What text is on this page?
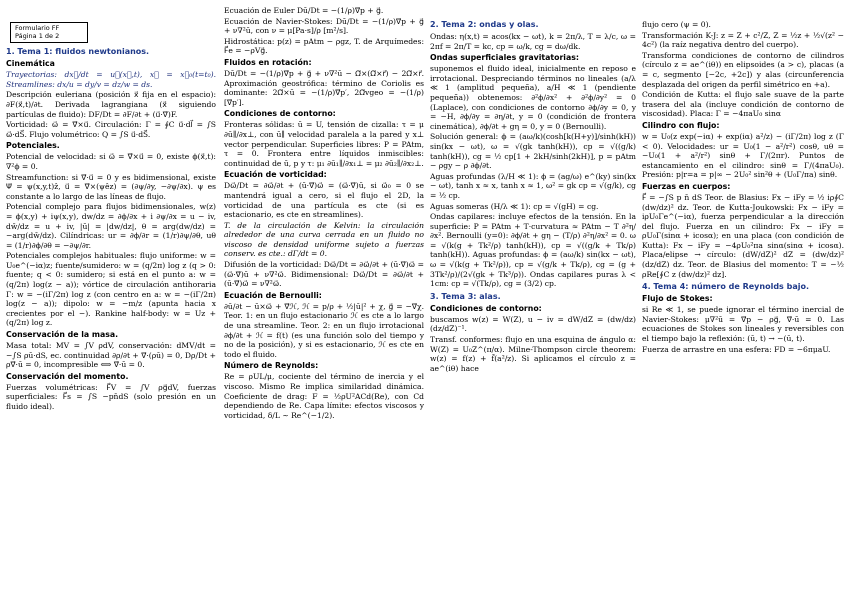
Formulario FF
Página 1 de 2
1. Tema 1: fluidos newtonianos.
Cinemática

Trayectorias: dx⃗/dt = u⃗(x⃗,t), x⃗ = x⃗₀(t=t₀). Streamlines: dx/u = dy/v = dz/w = ds.

Descripción euleriana (posición x⃗ fija en el espacio): ∂F(x⃗,t)/∂t. Derivada lagrangiana (x⃗ siguiendo partículas de fluido): DF/Dt = ∂F/∂t + (u⃗·∇⃗)F.

Vorticidad: ω⃗ = ∇⃗×u⃗. Circulación: Γ = ∮C u⃗·dl⃗ = ∫S ω⃗·dS⃗. Flujo volumétrico: Q = ∫S u⃗·dS⃗.

Potenciales.

Potencial de velocidad: si ω⃗ = ∇⃗×u⃗ = 0, existe ϕ(x⃗,t): ∇²ϕ = 0.

Streamfunction: si ∇⃗·u⃗ = 0 y es bidimensional, existe Ψ⃗ = ψ(x,y,t)ẑ, u⃗ = ∇⃗×(ψêz) = (∂ψ/∂y, −∂ψ/∂x). ψ es constante a lo largo de las líneas de flujo.

Potencial complejo para flujos bidimensionales, w(z) = ϕ(x,y) + iψ(x,y), dw/dz = ∂ϕ/∂x + i ∂ψ/∂x = u − iv, dw̄/dz = u + iv, |ū| = |dw/dz|, θ = arg(dw/dz) = −arg(dw̄/dz). Cilíndricas: ur = ∂ϕ/∂r = (1/r)∂ψ/∂θ, uθ = (1/r)∂ϕ/∂θ = −∂ψ/∂r.

Potenciales complejos habituales: flujo uniforme: w = U₀e^(−iα)z; fuente/sumidero: w = (q/2π) log z (q > 0: fuente; q < 0: sumidero; si está en el punto a: w = (q/2π) log(z − a)); vórtice de circulación antihoraria Γ: w = −(iΓ/2π) log z (con centro en a: w = −(iΓ/2π) log(z − a)); dipolo: w = −m/z (apunta hacia x crecientes por el −). Rankine half-body: w = Uz + (q/2π) log z.

Conservación de la masa.

Masa total: MV = ∫V ρdV, conservación: dMV/dt = −∫S ρū·dS, ec. continuidad ∂ρ/∂t + ∇⃗·(ρū) = 0, Dρ/Dt + ρ∇⃗·ū = 0, incompresible ⟺ ∇⃗·ū = 0.

Conservación del momento.

Fuerzas volumétricas: F⃗V = ∫V ρg⃗dV, fuerzas superficiales: F⃗s = ∫S −pn̄dS (solo presión en un fluido ideal).

Ecuación de Euler Dū/Dt = −(1/ρ)∇⃗p + g⃗.

Ecuación de Navier-Stokes: Dū/Dt = −(1/ρ)∇⃗p + g⃗ + ν∇²ū, con ν = μ[Pa·s]/ρ [m²/s].

Hidrostática: p(z) = pAtm − ρgz, T. de Arquímedes: F⃗e = −ρVg⃗.

Fluidos en rotación:

Dū/Dt = −(1/ρ)∇⃗p + g⃗ + ν∇²ū − Ω⃗×(Ω⃗×r⃗) − 2Ω⃗×r⃗. Aproximación geostrófica: término de Coriolis es dominante: 2Ω⃗×ū = −(1/ρ)∇⃗p′, 2Ω⃗vgeo = −(1/ρ)[∇⃗p′].

Condiciones de contorno:

Fronteras sólidas: ū = U, tensión de cizalla: τ = μ ∂ū∥/∂x⊥, con ū∥ velocidad paralela a la pared y x⊥ vector perpendicular. Superficies libres: P = PAtm, τ = 0. Frontera entre líquidos inmiscibles: continuidad de ū, p y τ: μ₁ ∂ū₁∥/∂x₁⊥ = μ₂ ∂ū₂∥/∂x₂⊥.

Ecuación de vorticidad:

Dω⃗/Dt = ∂ω⃗/∂t + (ū·∇⃗)ω⃗ = (ω⃗·∇⃗)ū, si ω⃗₀ = 0 se mantendrá igual a cero, si el flujo el 2D, la vorticidad de una partícula es cte (si es estacionario, es cte en streamlines).

T. de la circulación de Kelvin: la circulación alrededor de una curva cerrada en un fluido no viscoso de densidad uniforme sujeto a fuerzas conserv. es cte.: dΓ/dt = 0.

Difusión de la vorticidad: Dω⃗/Dt = ∂ω⃗/∂t + (ū·∇⃗)ω⃗ = (ω⃗·∇⃗)ū + ν∇²ω⃗. Bidimensional: Dω⃗/Dt = ∂ω⃗/∂t + (ū·∇⃗)ω⃗ = ν∇²ω⃗.

Ecuación de Bernoulli:

∂ū/∂t − ū×ω⃗ + ∇⃗ℋ, ℋ = p/ρ + ½|ū|² + χ, g⃗ = −∇⃗χ. Teor. 1: en un flujo estacionario ℋ es cte a lo largo de una streamline. Teor. 2: en un flujo irrotacional ∂ϕ/∂t + ℋ = f(t) (es una función solo del tiempo y no de la posición), y si es estacionario, ℋ es cte en todo el fluido.

Número de Reynolds:

Re = ρUL/μ, cociente del término de inercia y el viscoso. Mismo Re implica similaridad dinámica. Coeficiente de drag: F = ½ρU²ACd(Re), con Cd dependiendo de Re. Capa límite: efectos viscosos y vorticidad, δ/L ∼ Re^(−1/2).

2. Tema 2: ondas y olas.

Ondas: η(x,t) = acos(kx − ωt), k = 2π/λ, T = λ/c, ω = 2πf = 2π/T = kc, cp = ω/k, cg = dω/dk.

Ondas superficiales gravitatorias:

suponemos el fluido ideal, inicialmente en reposo e irrotacional. Despreciando términos no lineales (a/λ ≪ 1 (amplitud pequeña), a/H ≪ 1 (pendiente pequeña)) obtenemos: ∂²ϕ/∂x² + ∂²ϕ/∂y² = 0 (Laplace), con condiciones de contorno ∂ϕ/∂y = 0, y = −H, ∂ϕ/∂y = ∂η/∂t, y = 0 (condición de frontera cinemática), ∂ϕ/∂t + gη = 0, y = 0 (Bernoulli).

Solución general: ϕ = (aω/k)(cosh[k(H+y)]/sinh(kH)) sin(kx − ωt), ω = √(gk tanh(kH)), cp = √((g/k) tanh(kH)), cg = ½ cp[1 + 2kH/sinh(2kH)], p = pAtm − ρgy − ρ ∂ϕ/∂t.

Aguas profundas (λ/H ≪ 1): ϕ = (ag/ω) e^(ky) sin(kx − ωt), tanh x ≈ x, tanh x ≈ 1, ω² = gk cp = √(g/k), cg = ½ cp.

Aguas someras (H/λ ≪ 1): cp = √(gH) = cg.

Ondas capilares: incluye efectos de la tensión. En la superficie: P = PAtm + T·curvatura ≈ PAtm − T ∂²η/∂x². Bernoulli (y=0): ∂ϕ/∂t + gη − (T/ρ) ∂²η/∂x² = 0. ω = √(k(g + Tk²/ρ) tanh(kH)), cp = √((g/k + Tk/ρ) tanh(kH)). Aguas profundas: ϕ = (aω/k) sin(kx − ωt), ω = √(k(g + Tk²/ρ)), cp = √(g/k + Tk/ρ), cg = (g + 3Tk²/ρ)/(2√(gk + Tk³/ρ)). Ondas capilares puras λ < 1cm: cp = √(Tk/ρ), cg = (3/2) cp.

3. Tema 3: alas.
Condiciones de contorno:

buscamos w(z) = W(Z), u − iv = dW/dZ = (dw/dz)(dz/dZ)⁻¹.

Transf. conformes: flujo en una esquina de ángulo α: W(Z) = U₀Z^(π/α). Milne-Thompson circle theorem: w(z) = f(z) + f̄(a²/z). Si aplicamos el círculo z = ae^(iθ) hace

flujo cero (ψ = 0).

Transformación K-J: z = Z + c²/Z, Z = ½z + ½√(z² − 4c²) (la raíz negativa dentro del cuerpo).

Transforma condiciones de contorno de cilindros (círculo z = ae^(iθ)) en elipsoides (a > c), placas (a = c, segmento [−2c, +2c]) y alas (circunferencia desplazada del origen da perfil simétrico en +a).

Condición de Kutta: el flujo sale suave de la parte trasera del ala (incluye condición de contorno de viscosidad). Placa: Γ = −4πaU₀ sinα

Cilindro con flujo:

w = U₀(z exp(−iα) + exp(iα) a²/z) − (iΓ/2π) log z (Γ < 0). Velocidades: ur = U₀(1 − a²/r²) cosθ, uθ = −U₀(1 + a²/r²) sinθ + Γ/(2πr). Puntos de estancamiento en el cilindro: sinθ = Γ/(4πaU₀). Presión: p|r=a = p|∞ − 2U₀² sin²θ + (U₀Γ/πa) sinθ.

Fuerzas en cuerpos:

F⃗ = −∫S p n̄ dS Teor. de Blasius: Fx − iFy = ½ iρ∮C (dw/dz)² dz. Teor. de Kutta-Joukowski: Fx − iFy = iρU₀Γe^(−iα), fuerza perpendicular a la dirección del flujo. Fuerza en un cilindro: Fx − iFy = ρU₀Γ(sinα + icosα); en una placa (con condición de Kutta): Fx − iFy = −4ρU₀²πa sinα(sinα + icosα). Placa/elipse → círculo: (dW/dZ)² dZ = (dw/dz)² (dz/dZ) dz. Teor. de Blasius del momento: T = −½ ρRe[∮C z (dw/dz)² dz].

4. Tema 4: número de Reynolds bajo.
Flujo de Stokes:

si Re ≪ 1, se puede ignorar el término inercial de Navier-Stokes: μ∇²ū = ∇⃗p − ρg⃗, ∇⃗·ū = 0. Las ecuaciones de Stokes son lineales y reversibles con el tiempo bajo la reflexión: (ū, t) → −(ū, t).

Fuerza de arrastre en una esfera: FD = −6πμaU.
